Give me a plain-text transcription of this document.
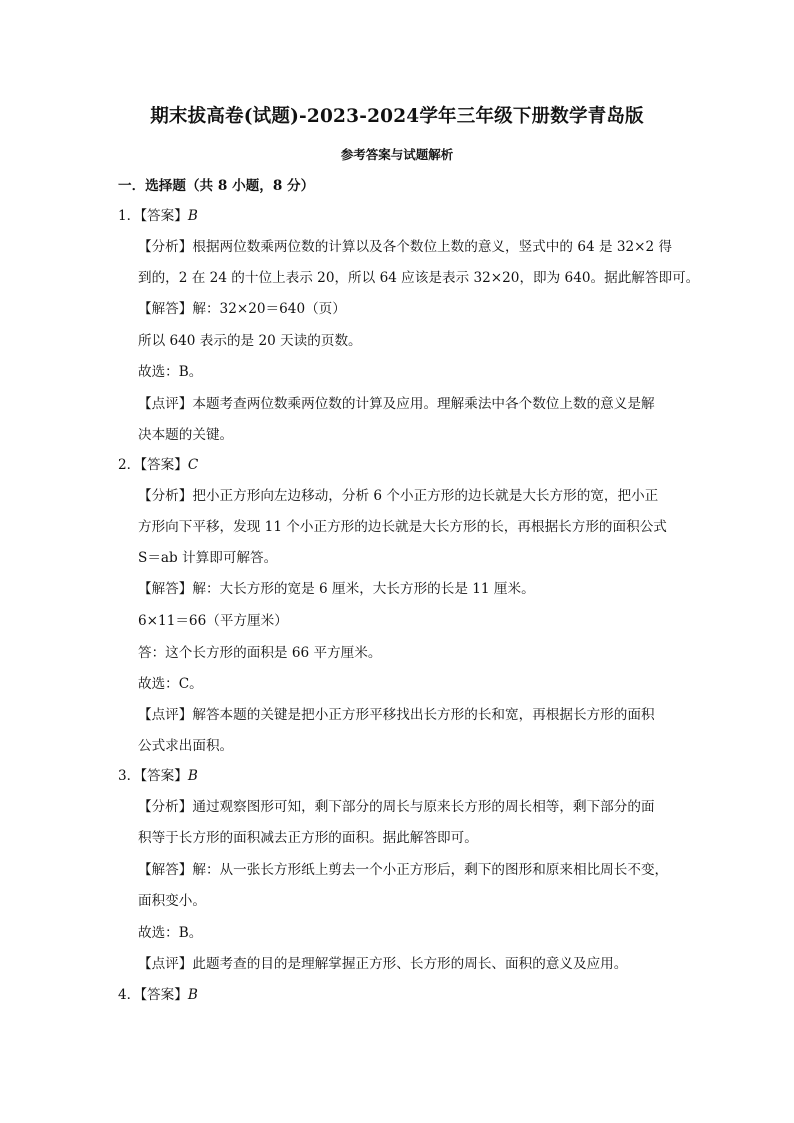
期末拔高卷(试题)-2023-2024学年三年级下册数学青岛版
参考答案与试题解析
一．选择题（共 8 小题，8 分）
1．【答案】B
【分析】根据两位数乘两位数的计算以及各个数位上数的意义，竖式中的 64 是 32×2 得
到的，2 在 24 的十位上表示 20，所以 64 应该是表示 32×20，即为 640。据此解答即可。
【解答】解：32×20＝640（页）
所以 640 表示的是 20 天读的页数。
故选：B。
【点评】本题考查两位数乘两位数的计算及应用。理解乘法中各个数位上数的意义是解
决本题的关键。
2．【答案】C
【分析】把小正方形向左边移动，分析 6 个小正方形的边长就是大长方形的宽，把小正
方形向下平移，发现 11 个小正方形的边长就是大长方形的长，再根据长方形的面积公式
S＝ab 计算即可解答。
【解答】解：大长方形的宽是 6 厘米，大长方形的长是 11 厘米。
6×11＝66（平方厘米）
答：这个长方形的面积是 66 平方厘米。
故选：C。
【点评】解答本题的关键是把小正方形平移找出长方形的长和宽，再根据长方形的面积
公式求出面积。
3．【答案】B
【分析】通过观察图形可知，剩下部分的周长与原来长方形的周长相等，剩下部分的面
积等于长方形的面积减去正方形的面积。据此解答即可。
【解答】解：从一张长方形纸上剪去一个小正方形后，剩下的图形和原来相比周长不变，
面积变小。
故选：B。
【点评】此题考查的目的是理解掌握正方形、长方形的周长、面积的意义及应用。
4．【答案】B
